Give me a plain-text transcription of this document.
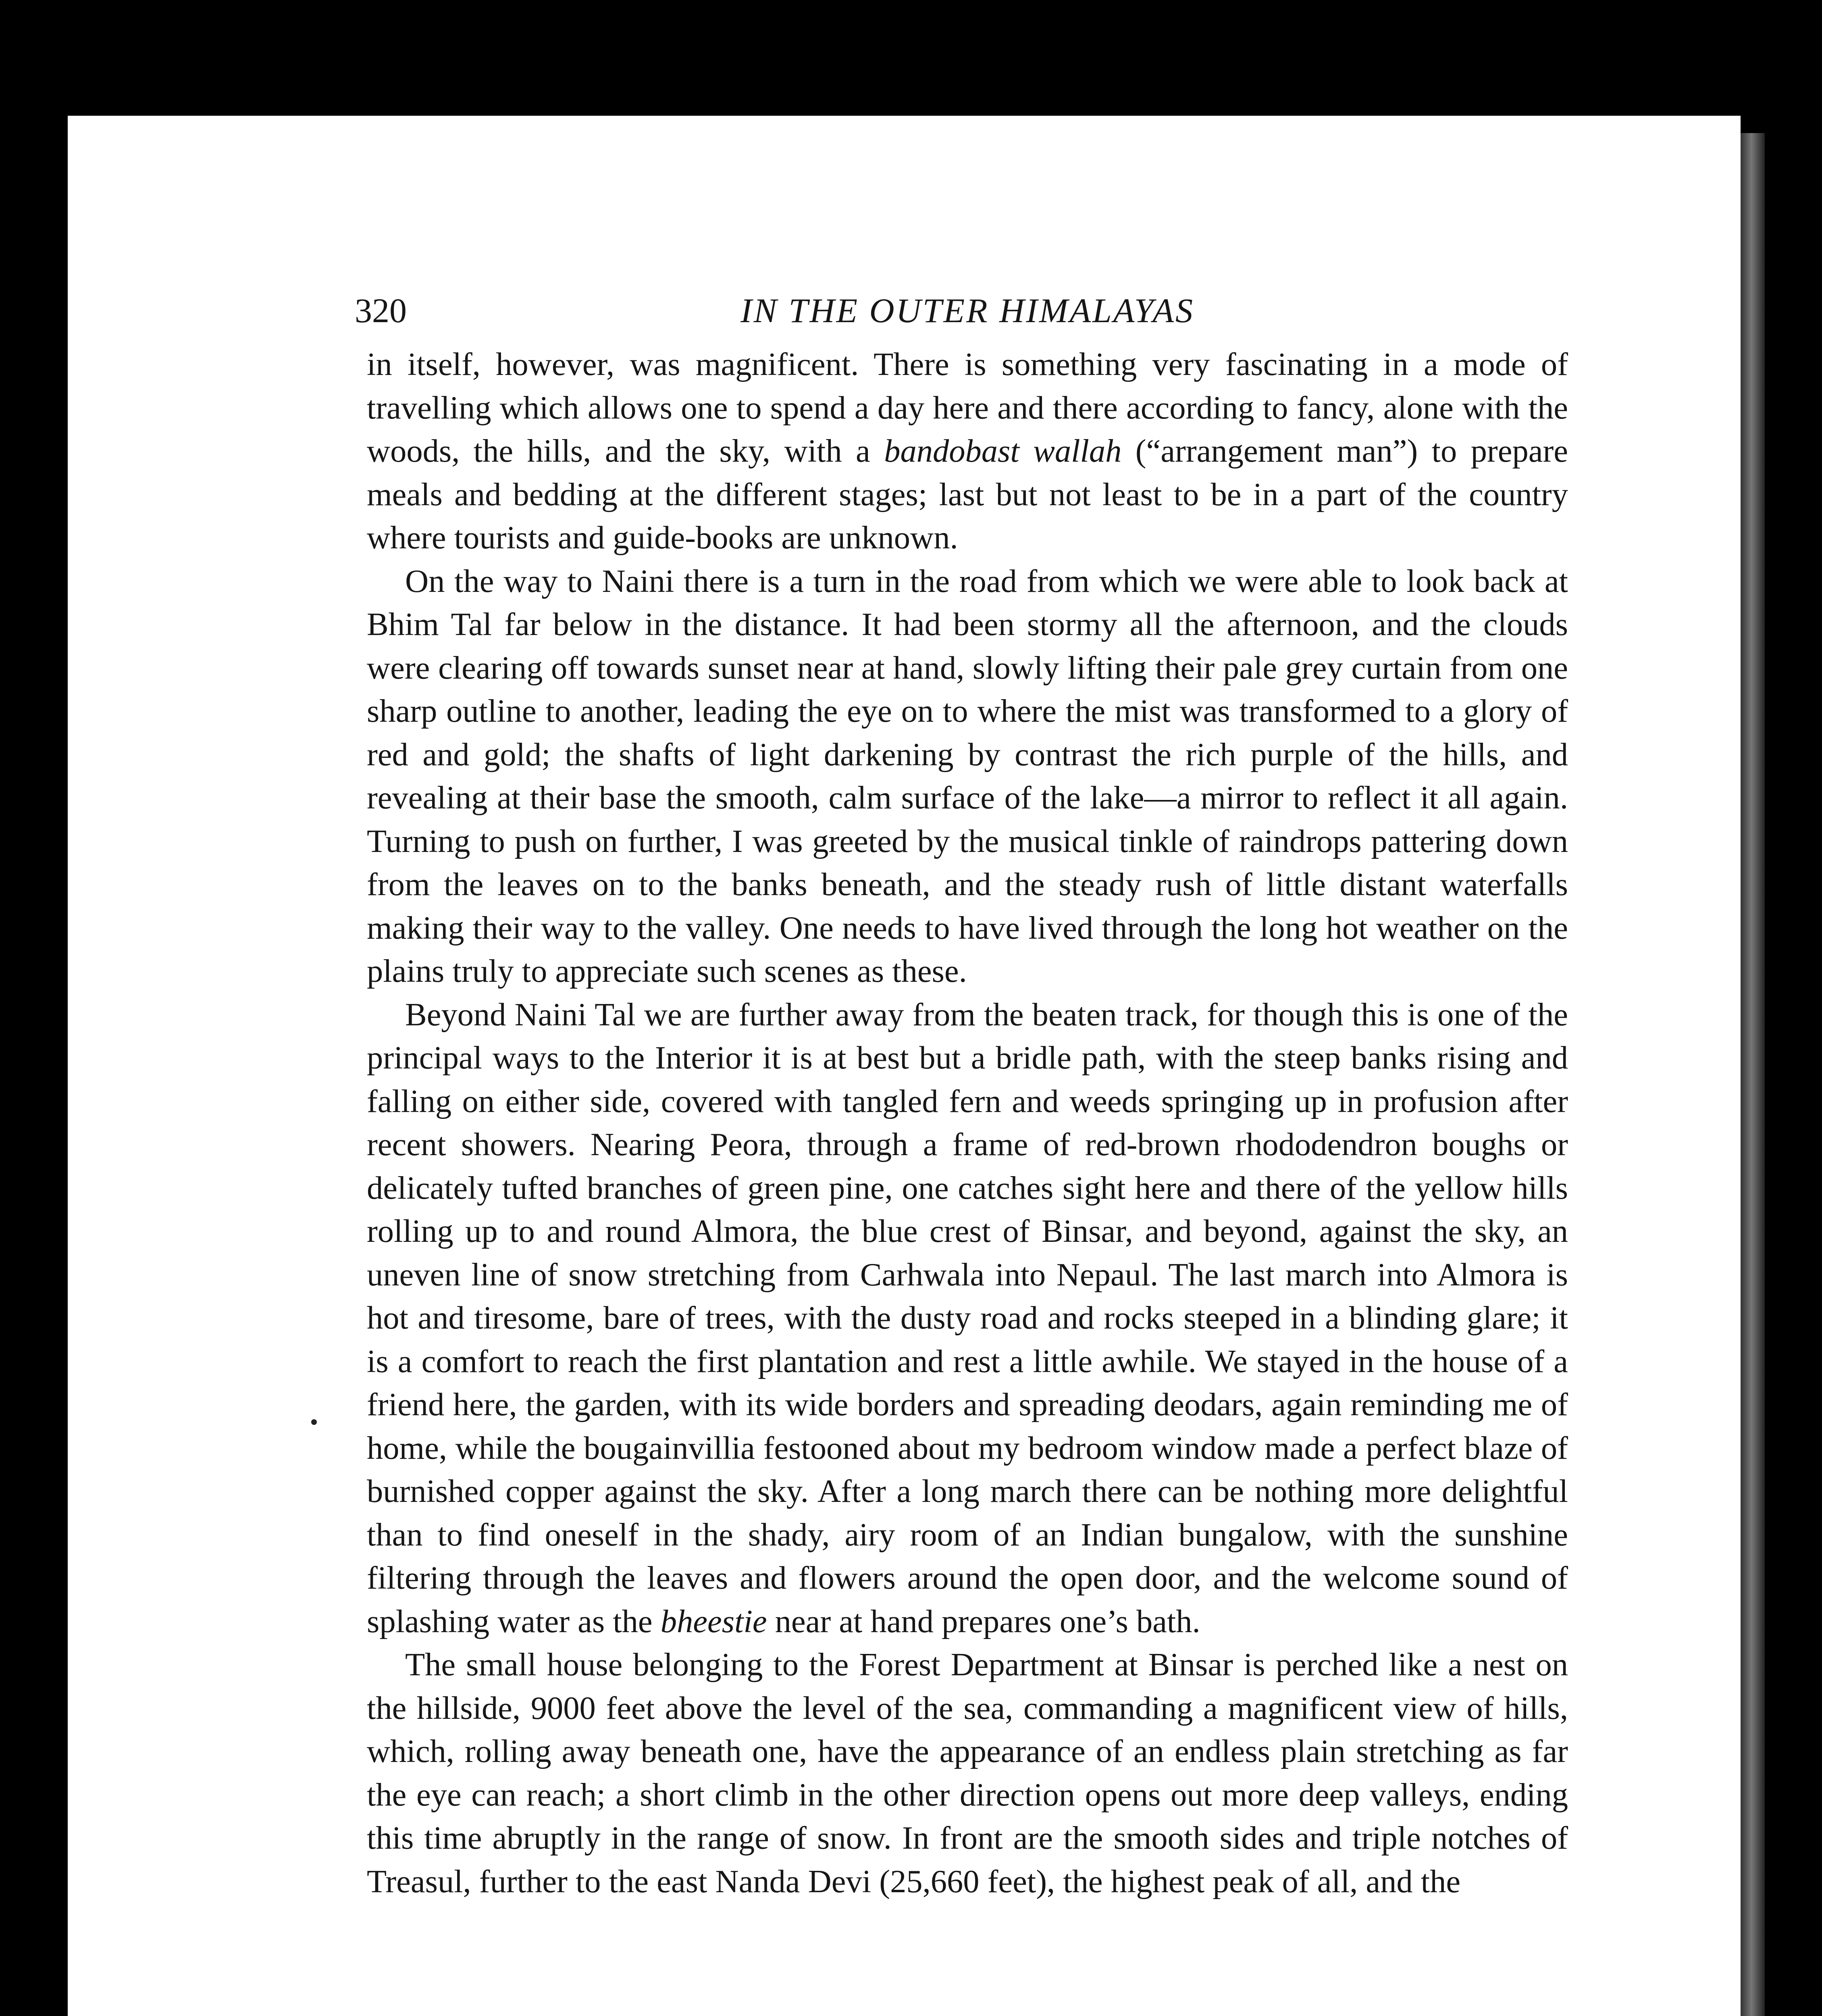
320	IN THE OUTER HIMALAYAS

in itself, however, was magnificent. There is something very fascinating in a mode of travelling which allows one to spend a day here and there according to fancy, alone with the woods, the hills, and the sky, with a bandobast wallah (“arrangement man”) to prepare meals and bedding at the different stages; last but not least to be in a part of the country where tourists and guide-books are unknown.

On the way to Naini there is a turn in the road from which we were able to look back at Bhim Tal far below in the distance. It had been stormy all the afternoon, and the clouds were clearing off towards sunset near at hand, slowly lifting their pale grey curtain from one sharp outline to another, leading the eye on to where the mist was transformed to a glory of red and gold; the shafts of light darkening by contrast the rich purple of the hills, and revealing at their base the smooth, calm surface of the lake—a mirror to reflect it all again. Turning to push on further, I was greeted by the musical tinkle of raindrops pattering down from the leaves on to the banks beneath, and the steady rush of little distant waterfalls making their way to the valley. One needs to have lived through the long hot weather on the plains truly to appreciate such scenes as these.

Beyond Naini Tal we are further away from the beaten track, for though this is one of the principal ways to the Interior it is at best but a bridle path, with the steep banks rising and falling on either side, covered with tangled fern and weeds springing up in profusion after recent showers. Nearing Peora, through a frame of red-brown rhododendron boughs or delicately tufted branches of green pine, one catches sight here and there of the yellow hills rolling up to and round Almora, the blue crest of Binsar, and beyond, against the sky, an uneven line of snow stretching from Carhwala into Nepaul. The last march into Almora is hot and tiresome, bare of trees, with the dusty road and rocks steeped in a blinding glare; it is a comfort to reach the first plantation and rest a little awhile. We stayed in the house of a friend here, the garden, with its wide borders and spreading deodars, again reminding me of home, while the bougainvillia festooned about my bedroom window made a perfect blaze of burnished copper against the sky. After a long march there can be nothing more delightful than to find oneself in the shady, airy room of an Indian bungalow, with the sunshine filtering through the leaves and flowers around the open door, and the welcome sound of splashing water as the bheestie near at hand prepares one’s bath.

The small house belonging to the Forest Department at Binsar is perched like a nest on the hillside, 9000 feet above the level of the sea, commanding a magnificent view of hills, which, rolling away beneath one, have the appearance of an endless plain stretching as far the eye can reach; a short climb in the other direction opens out more deep valleys, ending this time abruptly in the range of snow. In front are the smooth sides and triple notches of Treasul, further to the east Nanda Devi (25,660 feet), the highest peak of all, and the
